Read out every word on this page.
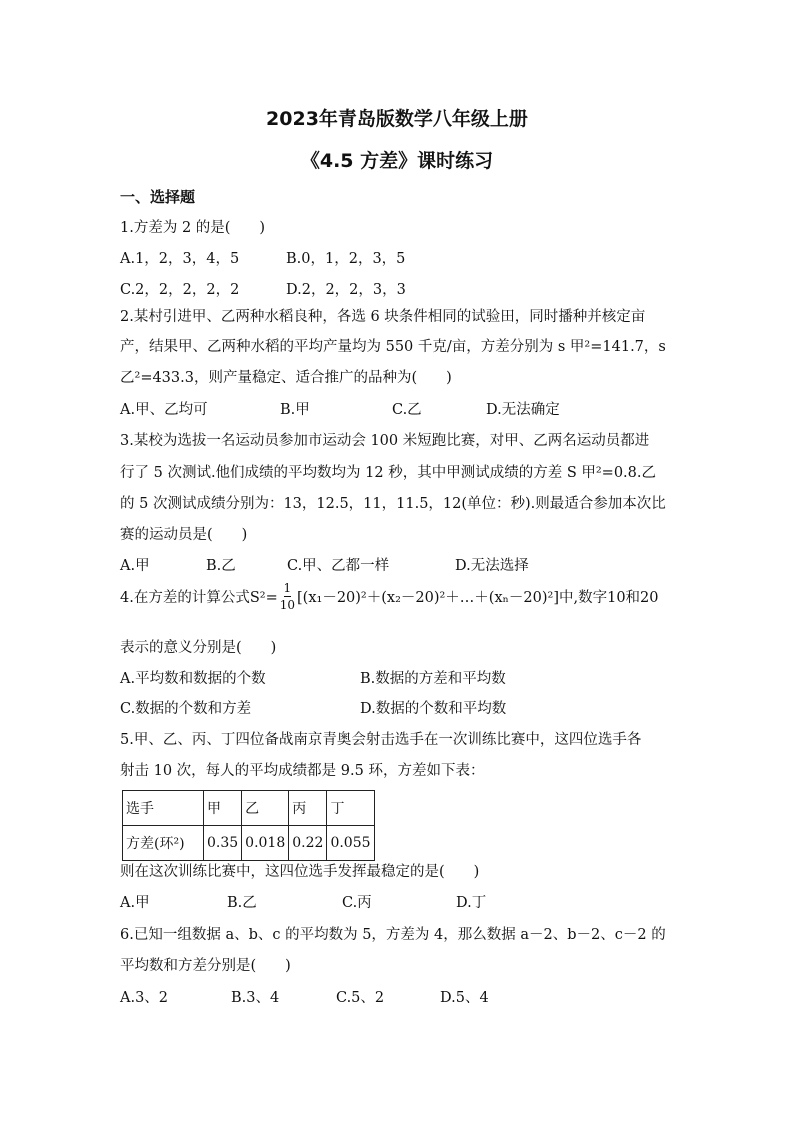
2023年青岛版数学八年级上册
《4.5 方差》课时练习
一、选择题
1.方差为 2 的是(　　)
A.1，2，3，4，5	B.0，1，2，3，5
C.2，2，2，2，2	D.2，2，2，3，3
2.某村引进甲、乙两种水稻良种，各选 6 块条件相同的试验田，同时播种并核定亩
产，结果甲、乙两种水稻的平均产量均为 550 千克/亩，方差分别为 s 甲²=141.7，s
乙²=433.3，则产量稳定、适合推广的品种为(　　)
A.甲、乙均可	B.甲	C.乙	D.无法确定
3.某校为选拔一名运动员参加市运动会 100 米短跑比赛，对甲、乙两名运动员都进
行了 5 次测试.他们成绩的平均数均为 12 秒，其中甲测试成绩的方差 S 甲²=0.8.乙
的 5 次测试成绩分别为：13，12.5，11，11.5，12(单位：秒).则最适合参加本次比
赛的运动员是(　　)
A.甲	B.乙	C.甲、乙都一样	D.无法选择
4.在方差的计算公式$S^2= \frac{1}{10}$ [(x₁－20)²＋(x₂－20)²＋…＋(xₙ－20)²]中,数字10和20
表示的意义分别是(　　)
A.平均数和数据的个数	B.数据的方差和平均数
C.数据的个数和方差	D.数据的个数和平均数
5.甲、乙、丙、丁四位备战南京青奥会射击选手在一次训练比赛中，这四位选手各
射击 10 次，每人的平均成绩都是 9.5 环，方差如下表：
选手	甲	乙	丙	丁
方差(环²)	0.35	0.018	0.22	0.055
则在这次训练比赛中，这四位选手发挥最稳定的是(　　)
A.甲	B.乙	C.丙	D.丁
6.已知一组数据 a、b、c 的平均数为 5，方差为 4，那么数据 a－2、b－2、c－2 的
平均数和方差分别是(　　)
A.3、2	B.3、4	C.5、2	D.5、4
